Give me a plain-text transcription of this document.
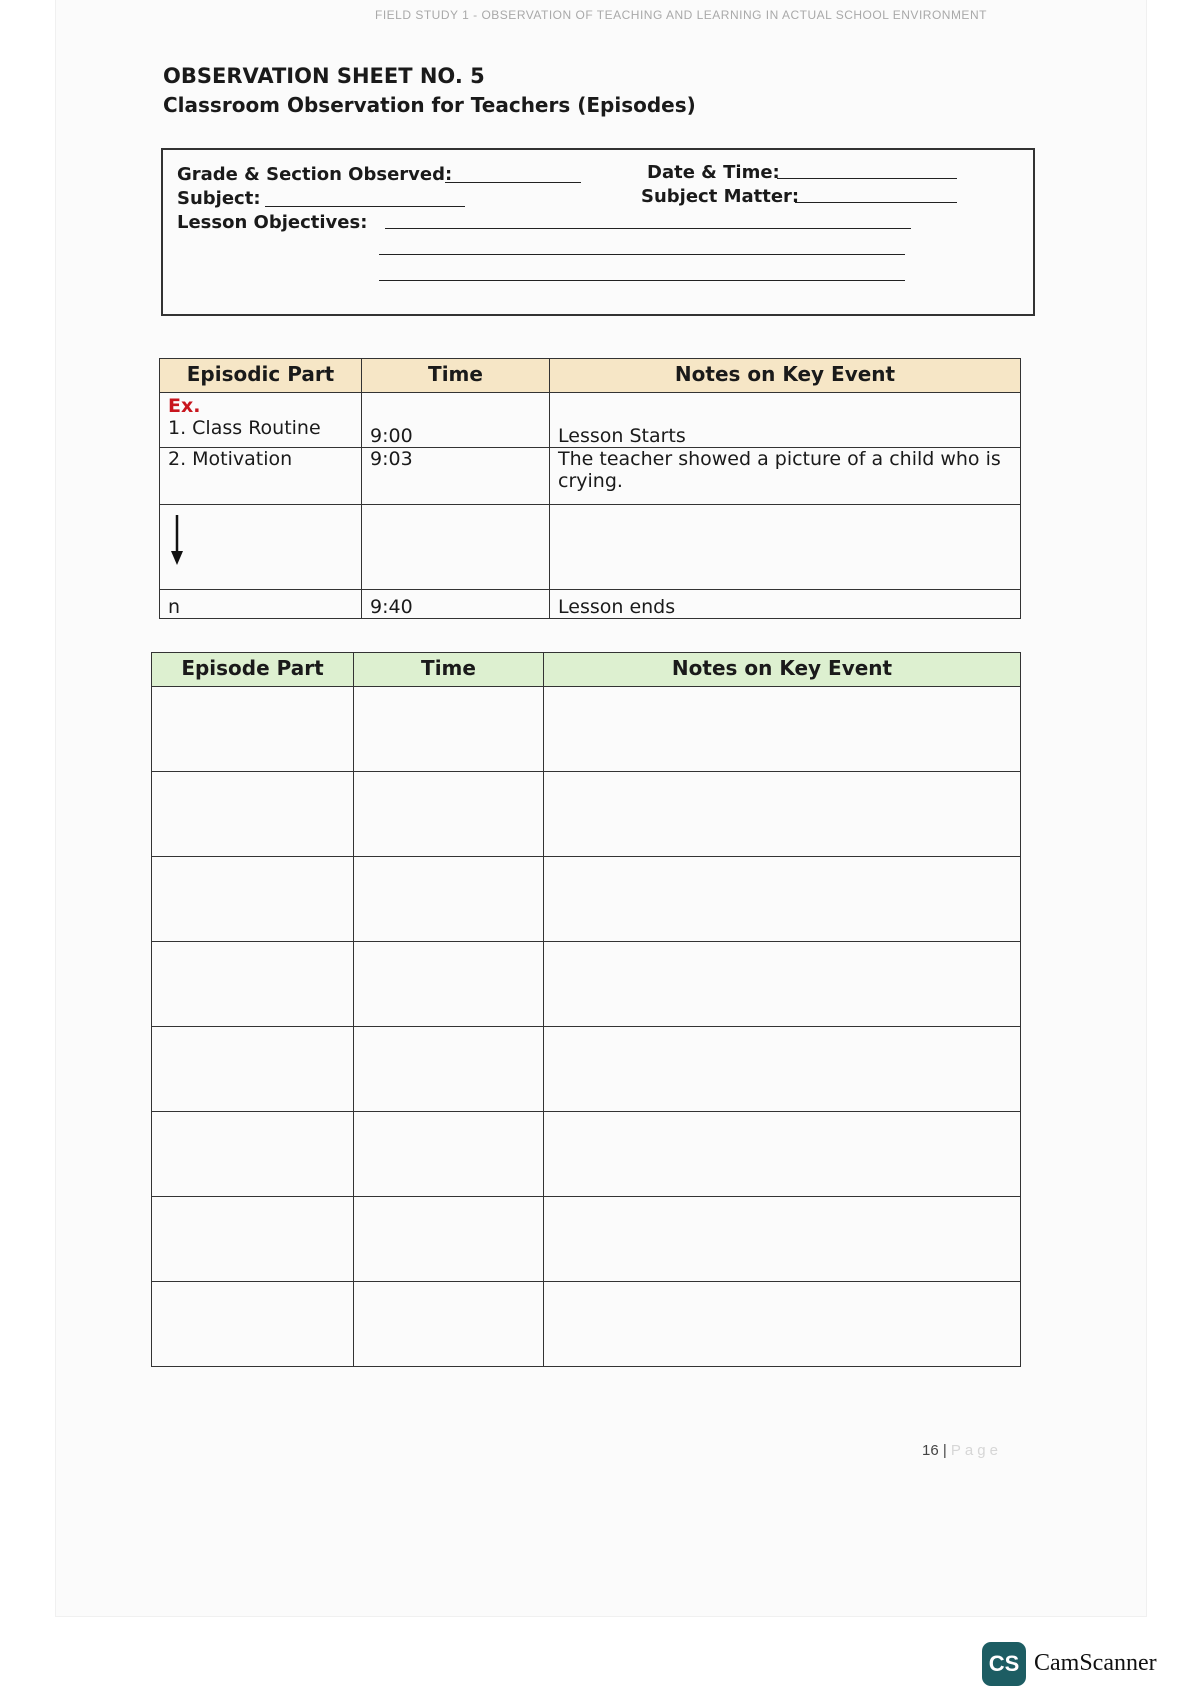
FIELD STUDY 1 - OBSERVATION OF TEACHING AND LEARNING IN ACTUAL SCHOOL ENVIRONMENT
OBSERVATION SHEET NO. 5
Classroom Observation for Teachers (Episodes)
Grade & Section Observed:	Date & Time:
Subject:	Subject Matter:
Lesson Objectives:
Episodic Part	Time	Notes on Key Event

Ex.
1. Class Routine	9:00	Lesson Starts
2. Motivation	9:03	The teacher showed a picture of a child who is crying.

n	9:40	Lesson ends
Episode Part	Time	Notes on Key Event

16 | Page
CS CamScanner
